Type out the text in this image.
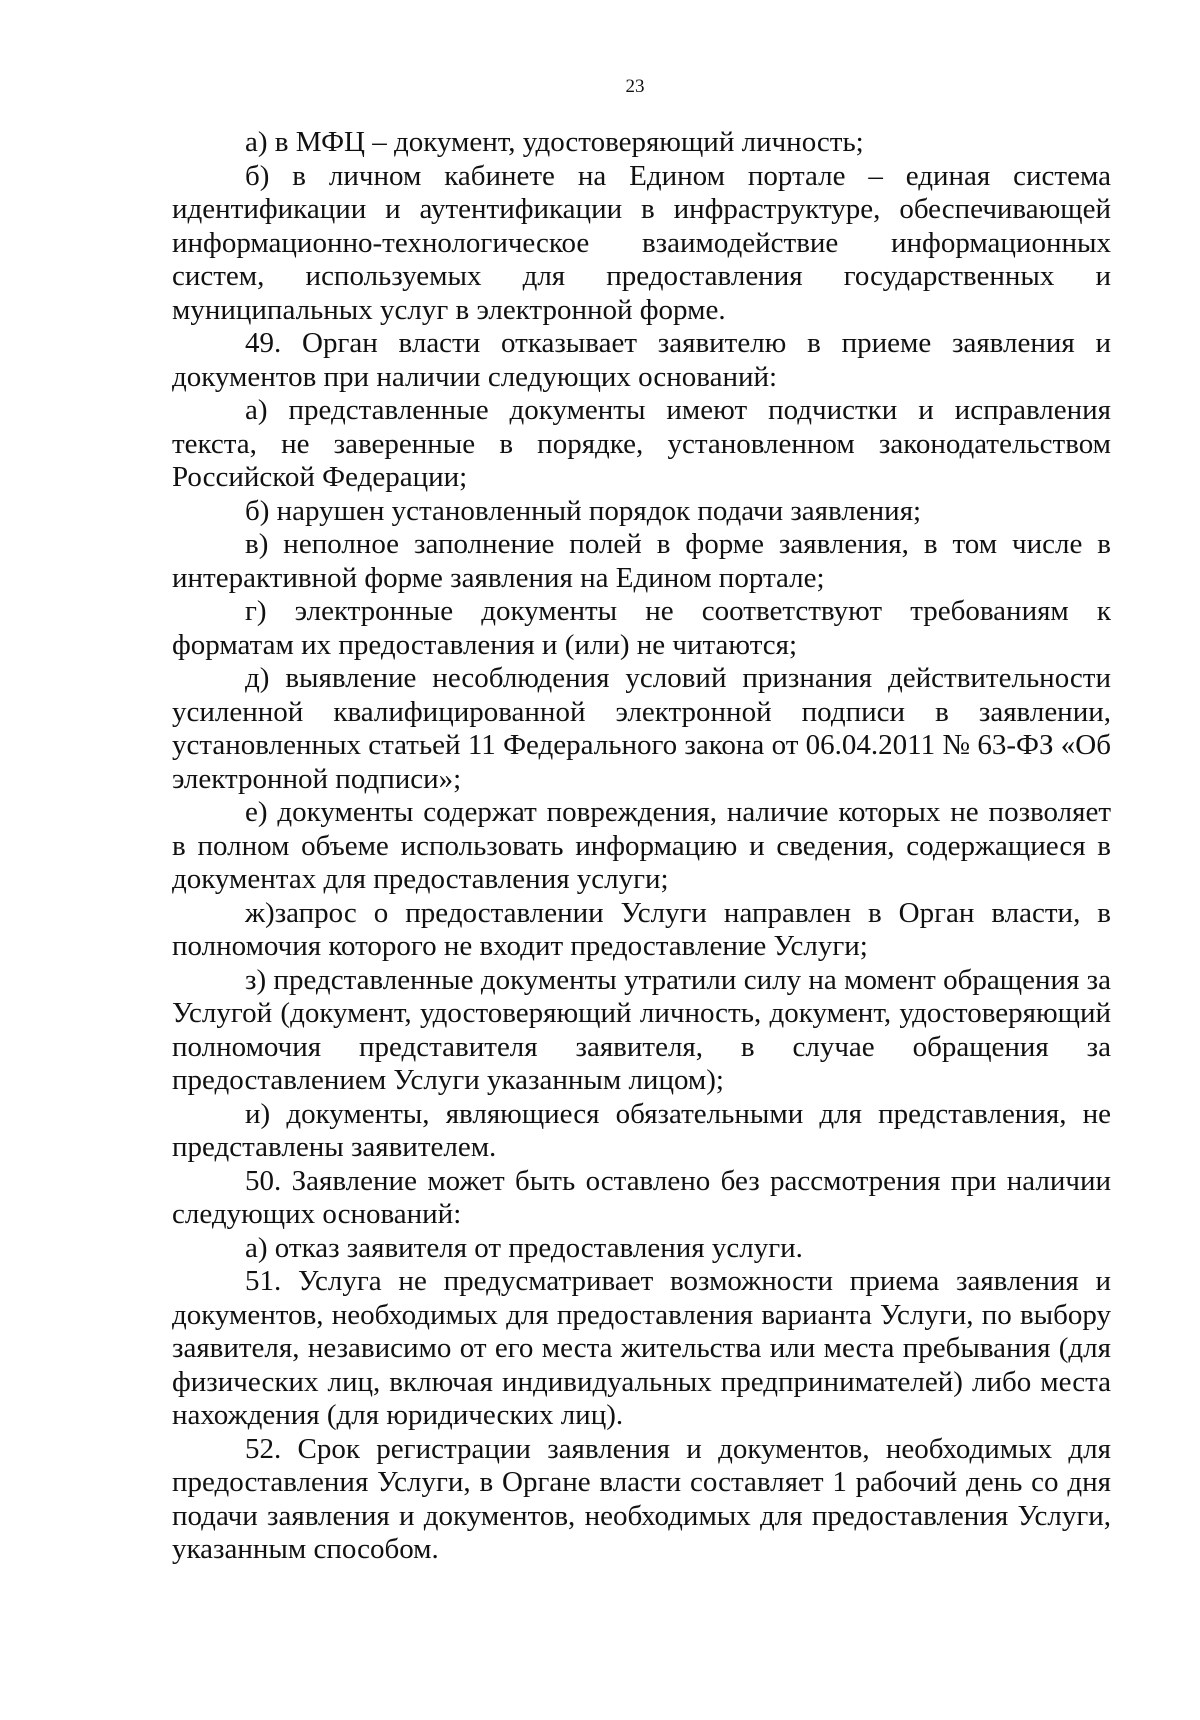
23

а) в МФЦ – документ, удостоверяющий личность;

б) в личном кабинете на Едином портале – единая система идентификации и аутентификации в инфраструктуре, обеспечивающей информационно-технологическое взаимодействие информационных систем, используемых для предоставления государственных и муниципальных услуг в электронной форме.

49. Орган власти отказывает заявителю в приеме заявления и документов при наличии следующих оснований:

а) представленные документы имеют подчистки и исправления текста, не заверенные в порядке, установленном законодательством Российской Федерации;

б) нарушен установленный порядок подачи заявления;

в) неполное заполнение полей в форме заявления, в том числе в интерактивной форме заявления на Едином портале;

г) электронные документы не соответствуют требованиям к форматам их предоставления и (или) не читаются;

д) выявление несоблюдения условий признания действительности усиленной квалифицированной электронной подписи в заявлении, установленных статьей 11 Федерального закона от 06.04.2011 № 63-ФЗ «Об электронной подписи»;

е) документы содержат повреждения, наличие которых не позволяет в полном объеме использовать информацию и сведения, содержащиеся в документах для предоставления услуги;

ж)запрос о предоставлении Услуги направлен в Орган власти, в полномочия которого не входит предоставление Услуги;

з) представленные документы утратили силу на момент обращения за Услугой (документ, удостоверяющий личность, документ, удостоверяющий полномочия представителя заявителя, в случае обращения за предоставлением Услуги указанным лицом);

и) документы, являющиеся обязательными для представления, не представлены заявителем.

50. Заявление может быть оставлено без рассмотрения при наличии следующих оснований:

а) отказ заявителя от предоставления услуги.

51. Услуга не предусматривает возможности приема заявления и документов, необходимых для предоставления варианта Услуги, по выбору заявителя, независимо от его места жительства или места пребывания (для физических лиц, включая индивидуальных предпринимателей) либо места нахождения (для юридических лиц).

52. Срок регистрации заявления и документов, необходимых для предоставления Услуги, в Органе власти составляет 1 рабочий день со дня подачи заявления и документов, необходимых для предоставления Услуги, указанным способом.
